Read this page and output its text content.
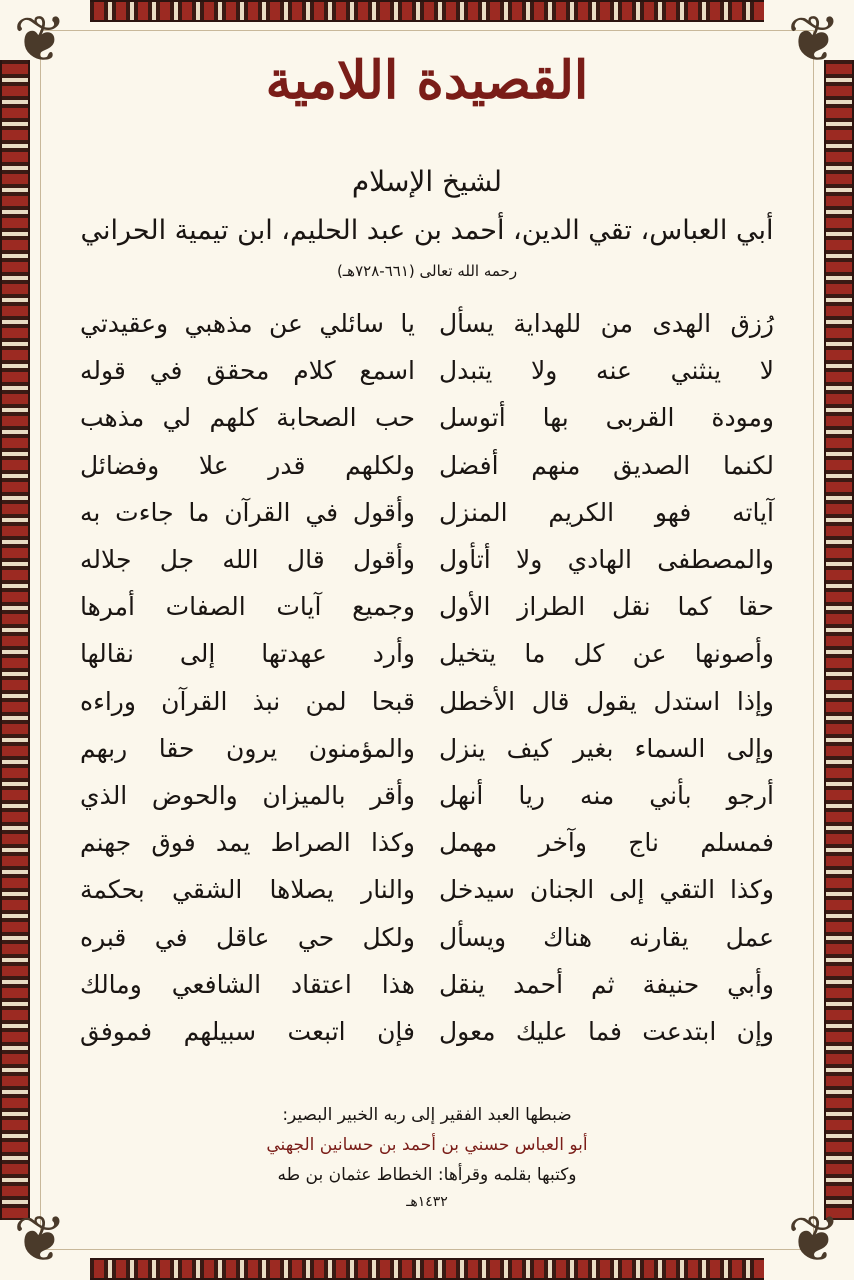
❦	❦
❦	❦
القصيدة اللامية
لشيخ الإسلام
أبي العباس، تقي الدين، أحمد بن عبد الحليم، ابن تيمية الحراني
رحمه الله تعالى (٦٦١-٧٢٨هـ)
يا سائلي عن مذهبي وعقيدتي رُزق الهدى من للهداية يسأل
اسمع كلام محقق في قوله لا ينثني عنه ولا يتبدل
حب الصحابة كلهم لي مذهب ومودة القربى بها أتوسل
ولكلهم قدر علا وفضائل لكنما الصديق منهم أفضل
وأقول في القرآن ما جاءت به آياته فهو الكريم المنزل
وأقول قال الله جل جلاله والمصطفى الهادي ولا أتأول
وجميع آيات الصفات أمرها حقا كما نقل الطراز الأول
وأرد عهدتها إلى نقالها وأصونها عن كل ما يتخيل
قبحا لمن نبذ القرآن وراءه وإذا استدل يقول قال الأخطل
والمؤمنون يرون حقا ربهم وإلى السماء بغير كيف ينزل
وأقر بالميزان والحوض الذي أرجو بأني منه ريا أنهل
وكذا الصراط يمد فوق جهنم فمسلم ناج وآخر مهمل
والنار يصلاها الشقي بحكمة وكذا التقي إلى الجنان سيدخل
ولكل حي عاقل في قبره عمل يقارنه هناك ويسأل
هذا اعتقاد الشافعي ومالك وأبي حنيفة ثم أحمد ينقل
فإن اتبعت سبيلهم فموفق وإن ابتدعت فما عليك معول
ضبطها العبد الفقير إلى ربه الخبير البصير:
أبو العباس حسني بن أحمد بن حسانين الجهني
وكتبها بقلمه وقرأها: الخطاط عثمان بن طه
١٤٣٢هـ
